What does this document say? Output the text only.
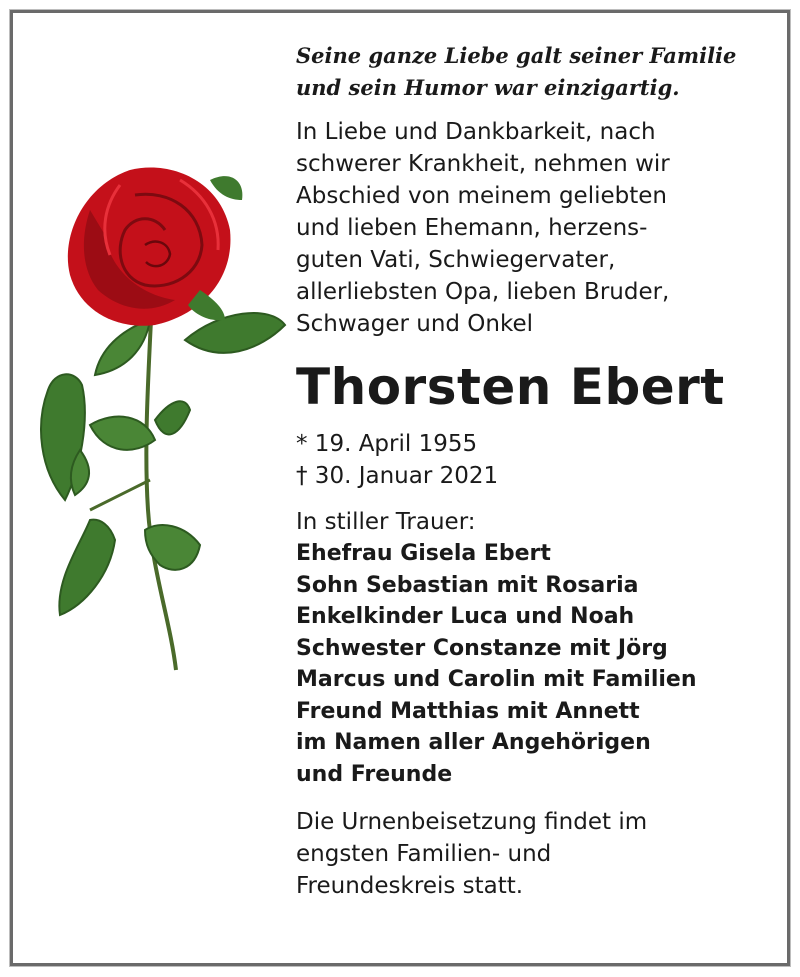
Seine ganze Liebe galt seiner Familie
und sein Humor war einzigartig.
In Liebe und Dankbarkeit, nach
schwerer Krankheit, nehmen wir
Abschied von meinem geliebten
und lieben Ehemann, herzens-
guten Vati, Schwiegervater,
allerliebsten Opa, lieben Bruder,
Schwager und Onkel
Thorsten Ebert
* 19. April 1955
† 30. Januar 2021
In stiller Trauer:
Ehefrau Gisela Ebert
Sohn Sebastian mit Rosaria
Enkelkinder Luca und Noah
Schwester Constanze mit Jörg
Marcus und Carolin mit Familien
Freund Matthias mit Annett
im Namen aller Angehörigen
und Freunde
Die Urnenbeisetzung findet im
engsten Familien- und
Freundeskreis statt.
